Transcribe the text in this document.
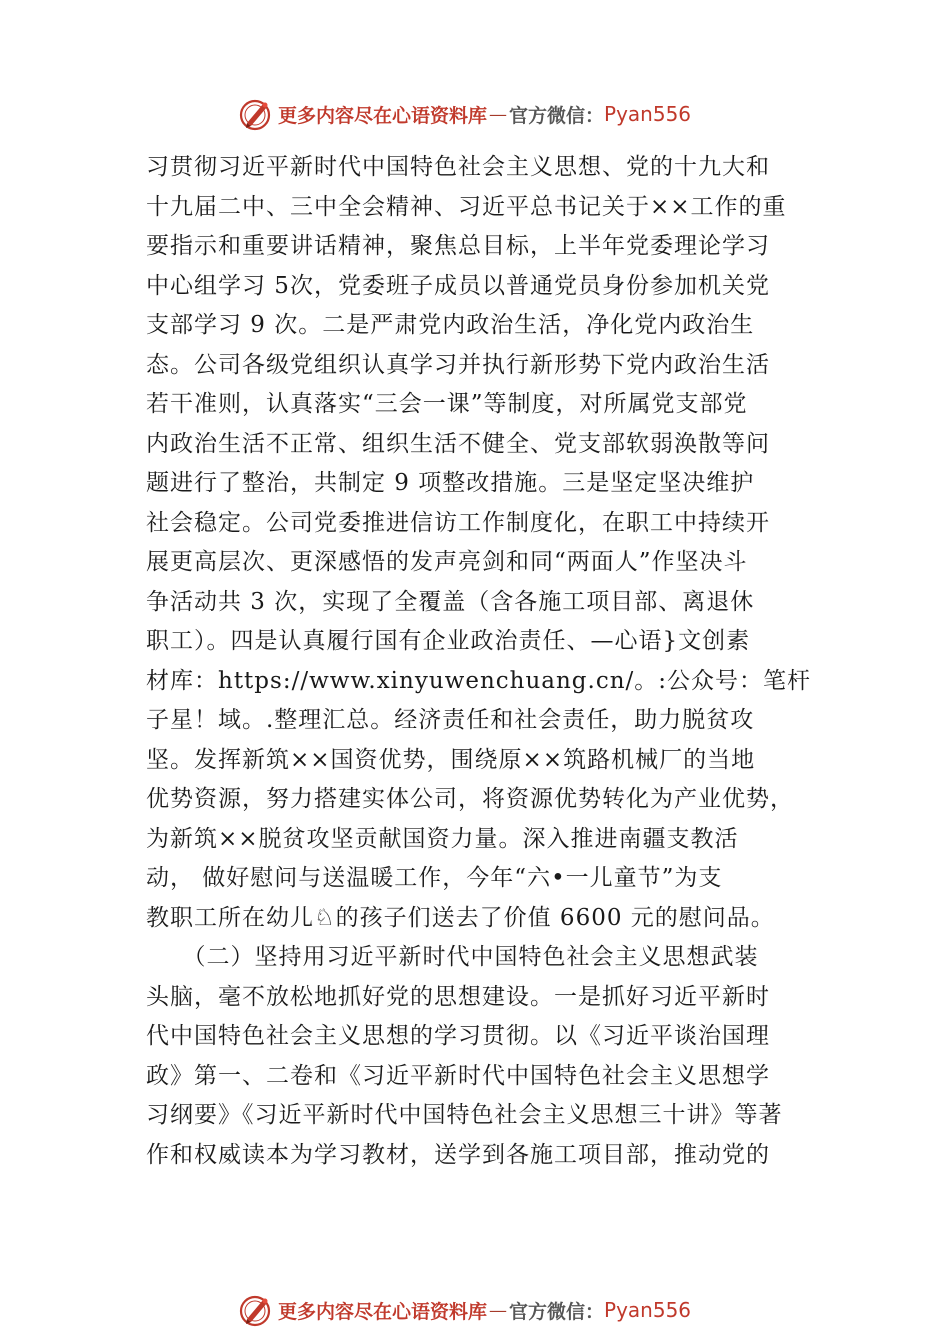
更多内容尽在心语资料库 — 官方微信： Pyan556
习贯彻习近平新时代中国特色社会主义思想、党的十九大和
十九届二中、三中全会精神、习近平总书记关于××工作的重
要指示和重要讲话精神，聚焦总目标，上半年党委理论学习
中心组学习 5次，党委班子成员以普通党员身份参加机关党
支部学习 9 次。二是严肃党内政治生活，净化党内政治生
态。公司各级党组织认真学习并执行新形势下党内政治生活
若干准则，认真落实“三会一课”等制度，对所属党支部党
内政治生活不正常、组织生活不健全、党支部软弱涣散等问
题进行了整治，共制定 9 项整改措施。三是坚定坚决维护
社会稳定。公司党委推进信访工作制度化，在职工中持续开
展更高层次、更深感悟的发声亮剑和同“两面人”作坚决斗
争活动共 3 次，实现了全覆盖（含各施工项目部、离退休
职工）。四是认真履行国有企业政治责任、—心语}文创素
材库：https://www.xinyuwenchuang.cn/。:公众号：笔杆
子星！域。.整理汇总。经济责任和社会责任，助力脱贫攻
坚。发挥新筑××国资优势，围绕原××筑路机械厂的当地
优势资源，努力搭建实体公司，将资源优势转化为产业优势，
为新筑××脱贫攻坚贡献国资力量。深入推进南疆支教活
动， 做好慰问与送温暖工作，今年“六•一儿童节”为支
教职工所在幼儿♘的孩子们送去了价值 6600 元的慰问品。
　　（二）坚持用习近平新时代中国特色社会主义思想武装
头脑，毫不放松地抓好党的思想建设。一是抓好习近平新时
代中国特色社会主义思想的学习贯彻。以《习近平谈治国理
政》第一、二卷和《习近平新时代中国特色社会主义思想学
习纲要》《习近平新时代中国特色社会主义思想三十讲》等著
作和权威读本为学习教材，送学到各施工项目部，推动党的
更多内容尽在心语资料库 — 官方微信： Pyan556
